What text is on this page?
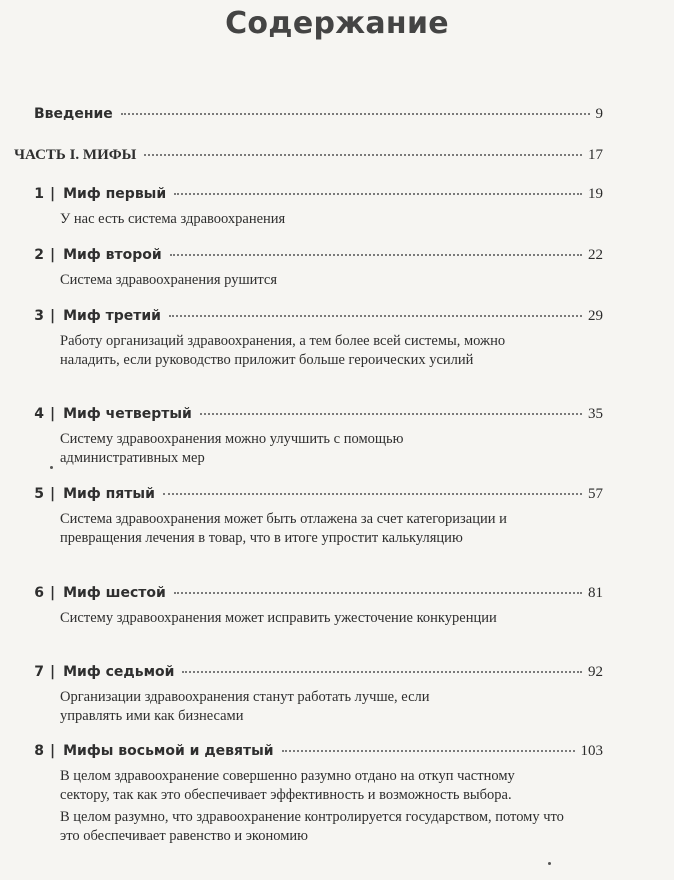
Содержание
Введение	9
ЧАСТЬ I. МИФЫ	17
1 | Миф первый	19

У нас есть система здравоохранения

2 | Миф второй	22

Система здравоохранения рушится

3 | Миф третий	29

Работу организаций здравоохранения, а тем более всей системы, можно наладить, если руководство приложит больше героических усилий

4 | Миф четвертый	35

Систему здравоохранения можно улучшить с помощью административных мер

5 | Миф пятый	57

Система здравоохранения может быть отлажена за счет категоризации и превращения лечения в товар, что в итоге упростит калькуляцию

6 | Миф шестой	81

Систему здравоохранения может исправить ужесточение конкуренции

7 | Миф седьмой	92

Организации здравоохранения станут работать лучше, если управлять ими как бизнесами

8 | Мифы восьмой и девятый	103

В целом здравоохранение совершенно разумно отдано на откуп частному сектору, так как это обеспечивает эффективность и возможность выбора.

В целом разумно, что здравоохранение контролируется государством, потому что это обеспечивает равенство и экономию
